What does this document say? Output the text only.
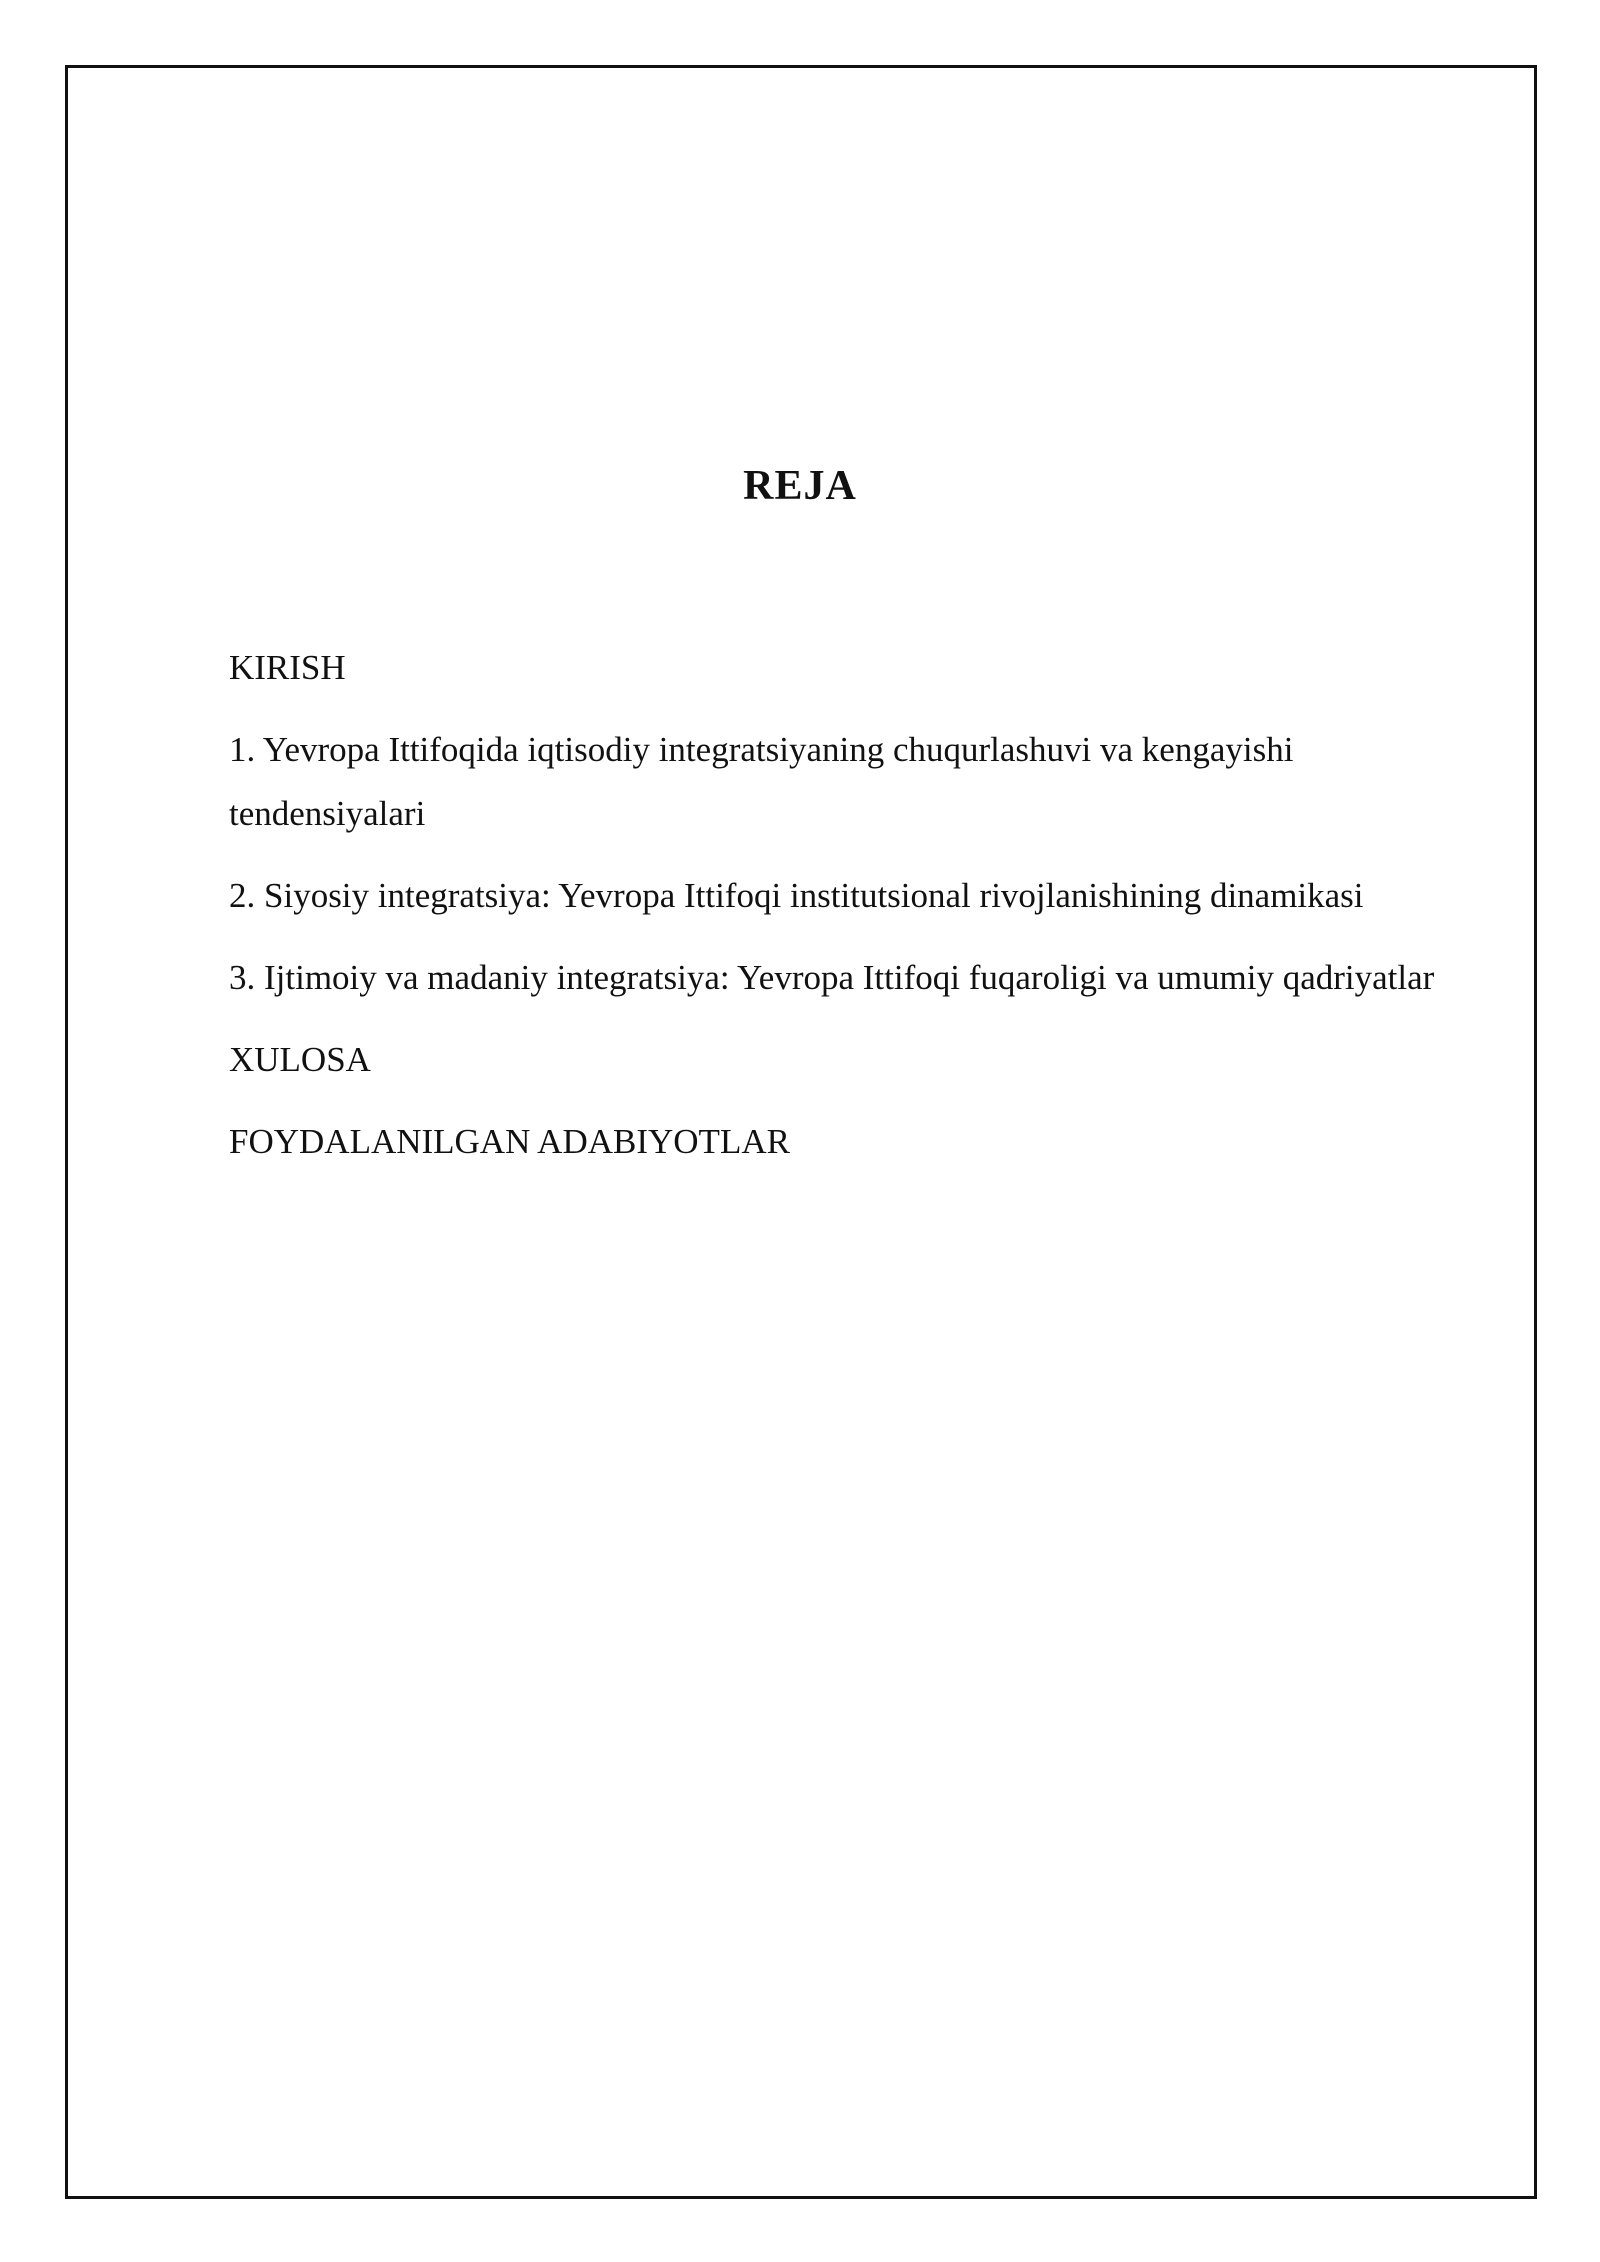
REJA
KIRISH
1. Yevropa Ittifoqida iqtisodiy integratsiyaning chuqurlashuvi va kengayishi tendensiyalari
2. Siyosiy integratsiya: Yevropa Ittifoqi institutsional rivojlanishining dinamikasi
3. Ijtimoiy va madaniy integratsiya: Yevropa Ittifoqi fuqaroligi va umumiy qadriyatlar
XULOSA
FOYDALANILGAN ADABIYOTLAR
